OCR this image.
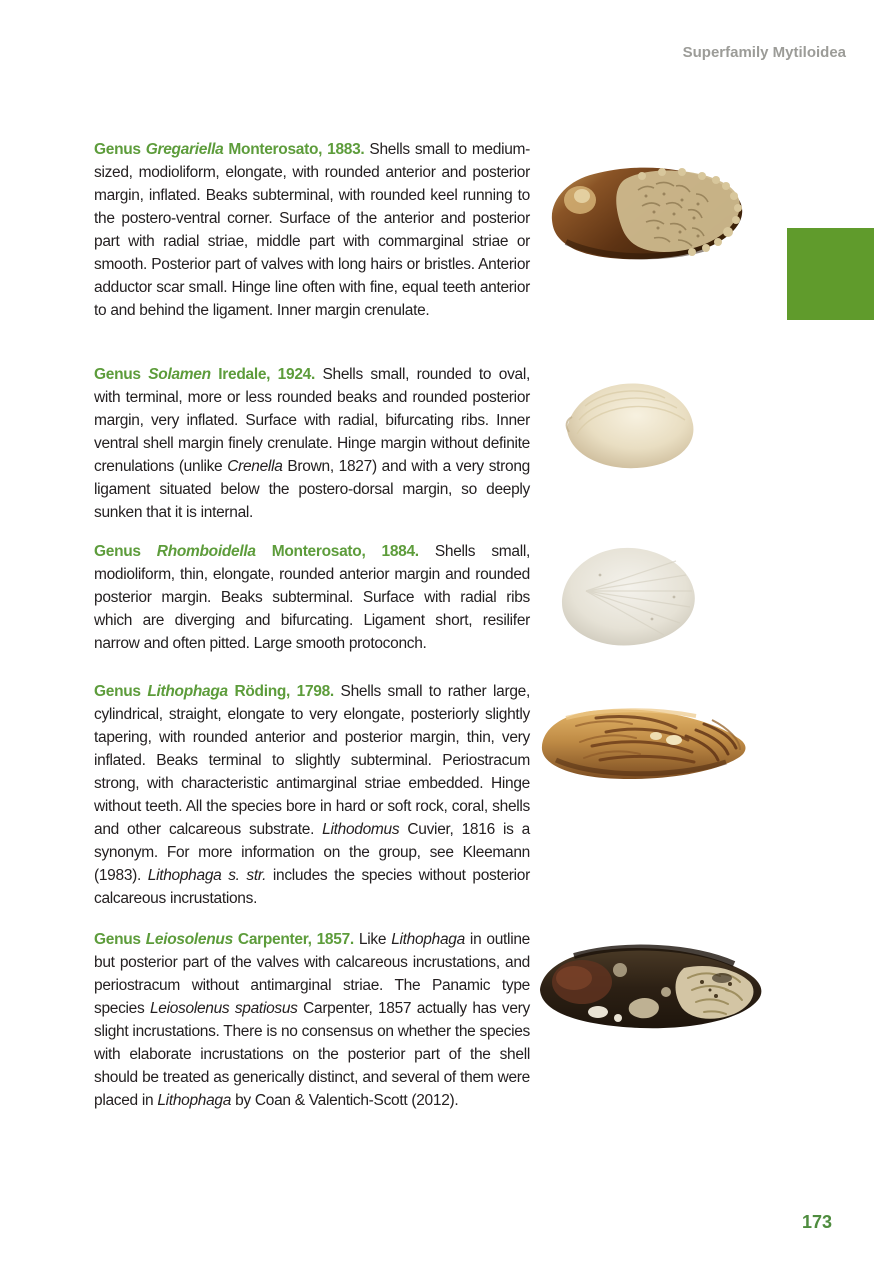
Superfamily Mytiloidea

Genus Gregariella Monterosato, 1883. Shells small to medium-sized, modioliform, elongate, with rounded anterior and posterior margin, inflated. Beaks subterminal, with rounded keel running to the postero-ventral corner. Surface of the anterior and posterior part with radial striae, middle part with commarginal striae or smooth. Posterior part of valves with long hairs or bristles. Anterior adductor scar small. Hinge line often with fine, equal teeth anterior to and behind the ligament. Inner margin crenulate.

Genus Solamen Iredale, 1924. Shells small, rounded to oval, with terminal, more or less rounded beaks and rounded posterior margin, very inflated. Surface with radial, bifurcating ribs. Inner ventral shell margin finely crenulate. Hinge margin without definite crenulations (unlike Crenella Brown, 1827) and with a very strong ligament situated below the postero-dorsal margin, so deeply sunken that it is internal.

Genus Rhomboidella Monterosato, 1884. Shells small, modioliform, thin, elongate, rounded anterior margin and rounded posterior margin. Beaks subterminal. Surface with radial ribs which are diverging and bifurcating. Ligament short, resilifer narrow and often pitted. Large smooth protoconch.

Genus Lithophaga Röding, 1798. Shells small to rather large, cylindrical, straight, elongate to very elongate, posteriorly slightly tapering, with rounded anterior and posterior margin, thin, very inflated. Beaks terminal to slightly subterminal. Periostracum strong, with characteristic antimarginal striae embedded. Hinge without teeth. All the species bore in hard or soft rock, coral, shells and other calcareous substrate. Lithodomus Cuvier, 1816 is a synonym. For more information on the group, see Kleemann (1983). Lithophaga s. str. includes the species without posterior calcareous incrustations.

Genus Leiosolenus Carpenter, 1857. Like Lithophaga in outline but posterior part of the valves with calcareous incrustations, and periostracum without antimarginal striae. The Panamic type species Leiosolenus spatiosus Carpenter, 1857 actually has very slight incrustations. There is no consensus on whether the species with elaborate incrustations on the posterior part of the shell should be treated as generically distinct, and several of them were placed in Lithophaga by Coan & Valentich-Scott (2012).

173
